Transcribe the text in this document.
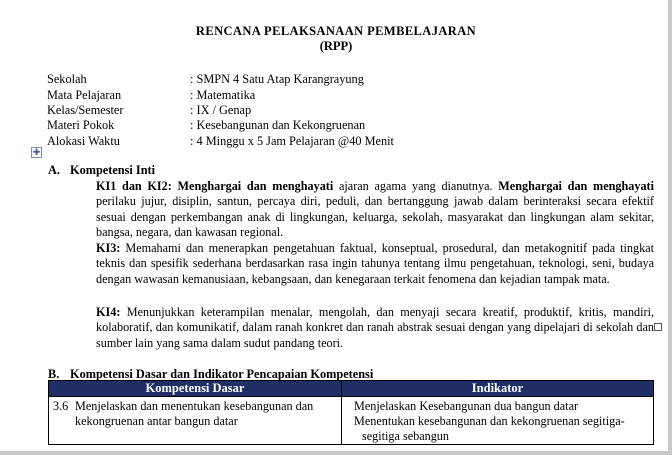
RENCANA PELAKSANAAN PEMBELAJARAN
(RPP)
Sekolah	: SMPN 4 Satu Atap Karangrayung
Mata Pelajaran	: Matematika
Kelas/Semester	: IX / Genap
Materi Pokok	: Kesebangunan dan Kekongruenan
Alokasi Waktu	: 4 Minggu x 5 Jam Pelajaran @40 Menit
✚
A. Kompetensi Inti
KI1 dan KI2: Menghargai dan menghayati ajaran agama yang dianutnya. Menghargai dan menghayati perilaku jujur, disiplin, santun, percaya diri, peduli, dan bertanggung jawab dalam berinteraksi secara efektif sesuai dengan perkembangan anak di lingkungan, keluarga, sekolah, masyarakat dan lingkungan alam sekitar, bangsa, negara, dan kawasan regional.
KI3: Memahami dan menerapkan pengetahuan faktual, konseptual, prosedural, dan metakognitif pada tingkat teknis dan spesifik sederhana berdasarkan rasa ingin tahunya tentang ilmu pengetahuan, teknologi, seni, budaya dengan wawasan kemanusiaan, kebangsaan, dan kenegaraan terkait fenomena dan kejadian tampak mata.
KI4: Menunjukkan keterampilan menalar, mengolah, dan menyaji secara kreatif, produktif, kritis, mandiri, kolaboratif, dan komunikatif, dalam ranah konkret dan ranah abstrak sesuai dengan yang dipelajari di sekolah dan sumber lain yang sama dalam sudut pandang teori.
B. Kompetensi Dasar dan Indikator Pencapaian Kompetensi
Kompetensi Dasar	Indikator
3.6 Menjelaskan dan menentukan kesebangunan dan kekongruenan antar bangun datar	Menjelaskan Kesebangunan dua bangun datar
Menentukan kesebangunan dan kekongruenan segitiga-
segitiga sebangun
